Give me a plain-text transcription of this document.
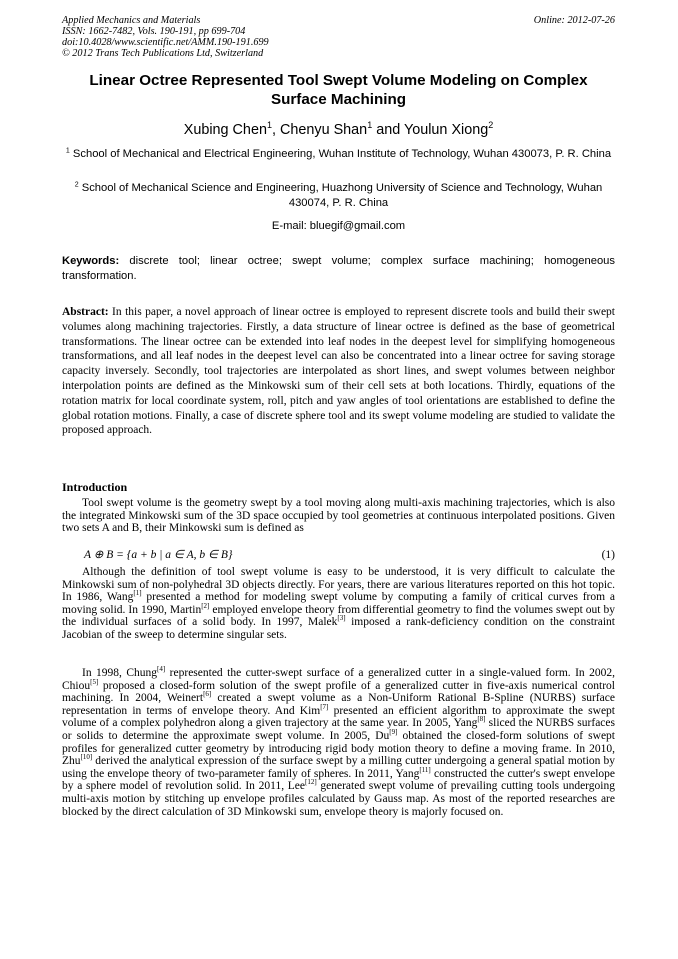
Applied Mechanics and Materials
ISSN: 1662-7482, Vols. 190-191, pp 699-704
doi:10.4028/www.scientific.net/AMM.190-191.699
© 2012 Trans Tech Publications Ltd, Switzerland
Online: 2012-07-26
Linear Octree Represented Tool Swept Volume Modeling on Complex Surface Machining
Xubing Chen$^1$, Chenyu Shan$^1$ and Youlun Xiong$^2$
$^1$ School of Mechanical and Electrical Engineering, Wuhan Institute of Technology, Wuhan 430073, P. R. China
$^2$ School of Mechanical Science and Engineering, Huazhong University of Science and Technology, Wuhan 430074, P. R. China
E-mail: bluegif@gmail.com
Keywords: discrete tool; linear octree; swept volume; complex surface machining; homogeneous transformation.
Abstract: In this paper, a novel approach of linear octree is employed to represent discrete tools and build their swept volumes along machining trajectories. Firstly, a data structure of linear octree is defined as the base of geometrical transformations. The linear octree can be extended into leaf nodes in the deepest level for simplifying homogeneous transformations, and all leaf nodes in the deepest level can also be concentrated into a linear octree for saving storage capacity inversely. Secondly, tool trajectories are interpolated as short lines, and swept volumes between neighbor interpolation points are defined as the Minkowski sum of their cell sets at both locations. Thirdly, equations of the rotation matrix for local coordinate system, roll, pitch and yaw angles of tool orientations are established to define the global rotation motions. Finally, a case of discrete sphere tool and its swept volume modeling are studied to validate the proposed approach.
Introduction

Tool swept volume is the geometry swept by a tool moving along multi-axis machining trajectories, which is also the integrated Minkowski sum of the 3D space occupied by tool geometries at continuous interpolated positions. Given two sets A and B, their Minkowski sum is defined as

A ⊕ B = {a + b | a ∈ A, b ∈ B}	(1)

Although the definition of tool swept volume is easy to be understood, it is very difficult to calculate the Minkowski sum of non-polyhedral 3D objects directly. For years, there are various literatures reported on this hot topic. In 1986, Wang[1] presented a method for modeling swept volume by computing a family of critical curves from a moving solid. In 1990, Martin[2] employed envelope theory from differential geometry to find the volumes swept out by the individual surfaces of a solid body. In 1997, Malek[3] imposed a rank-deficiency condition on the constraint Jacobian of the sweep to determine singular sets.

In 1998, Chung[4] represented the cutter-swept surface of a generalized cutter in a single-valued form. In 2002, Chiou[5] proposed a closed-form solution of the swept profile of a generalized cutter in five-axis numerical control machining. In 2004, Weinert[6] created a swept volume as a Non-Uniform Rational B-Spline (NURBS) surface representation in terms of envelope theory. And Kim[7] presented an efficient algorithm to approximate the swept volume of a complex polyhedron along a given trajectory at the same year. In 2005, Yang[8] sliced the NURBS surfaces or solids to determine the approximate swept volume. In 2005, Du[9] obtained the closed-form solutions of swept profiles for generalized cutter geometry by introducing rigid body motion theory to define a moving frame. In 2010, Zhu[10] derived the analytical expression of the surface swept by a milling cutter undergoing a general spatial motion by using the envelope theory of two-parameter family of spheres. In 2011, Yang[11] constructed the cutter's swept envelope by a sphere model of revolution solid. In 2011, Lee[12] generated swept volume of prevailing cutting tools undergoing multi-axis motion by stitching up envelope profiles calculated by Gauss map. As most of the reported researches are blocked by the direct calculation of 3D Minkowski sum, envelope theory is majorly focused on.
